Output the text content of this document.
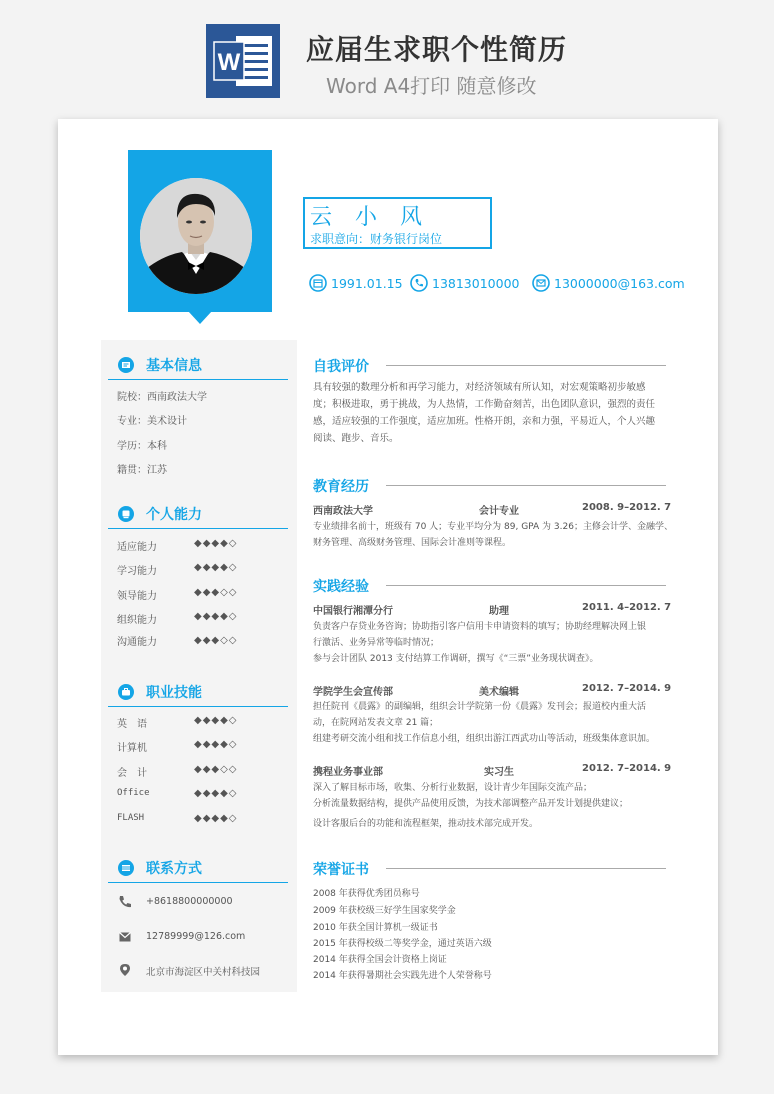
W 应届生求职个性简历
Word A4打印 随意修改
云 小 风
求职意向：财务银行岗位
1991.01.15 13813010000	13000000@163.com
基本信息
院校：西南政法大学
专业：美术设计
学历：本科
籍贯：江苏
个人能力
适应能力	◆◆◆◆◇
学习能力	◆◆◆◆◇
领导能力	◆◆◆◇◇
组织能力	◆◆◆◆◇
沟通能力	◆◆◆◇◇
职业技能
英　语	◆◆◆◆◇
计算机	◆◆◆◆◇
会　计	◆◆◆◇◇
Office	◆◆◆◆◇
FLASH	◆◆◆◆◇
联系方式
+8618800000000
12789999@126.com
北京市海淀区中关村科技园
自我评价
具有较强的数理分析和再学习能力，对经济领域有所认知，对宏观策略初步敏感度；积极进取，勇于挑战，为人热情，工作勤奋刻苦，出色团队意识，强烈的责任感，适应较强的工作强度，适应加班。性格开朗，亲和力强，平易近人，个人兴趣阅读、跑步、音乐。
教育经历
西南政法大学	会计专业	2008. 9–2012. 7
专业绩排名前十，班级有 70 人；专业平均分为 89, GPA 为 3.26；主修会计学、金融学、
财务管理、高级财务管理、国际会计准则等课程。
实践经验
中国银行湘潭分行	助理	2011. 4–2012. 7
负责客户存贷业务咨询；协助指引客户信用卡申请资料的填写；协助经理解决网上银
行激活、业务异常等临时情况；
参与会计团队 2013 支付结算工作调研，撰写《“三票”业务现状调查》。
学院学生会宣传部	美术编辑	2012. 7–2014. 9
担任院刊《晨露》的副编辑，组织会计学院第一份《晨露》发刊会；报道校内重大活
动，在院网站发表文章 21 篇；
组建考研交流小组和找工作信息小组，组织出游江西武功山等活动，班级集体意识加。
携程业务事业部	实习生	2012. 7–2014. 9
深入了解目标市场，收集、分析行业数据，设计青少年国际交流产品；
分析流量数据结构，提供产品使用反馈，为技术部调整产品开发计划提供建议；
设计客服后台的功能和流程框架，推动技术部完成开发。
荣誉证书
2008 年获得优秀团员称号
2009 年获校级三好学生国家奖学金
2010 年获全国计算机一级证书
2015 年获得校级二等奖学金，通过英语六级
2014 年获得全国会计资格上岗证
2014 年获得暑期社会实践先进个人荣誉称号
